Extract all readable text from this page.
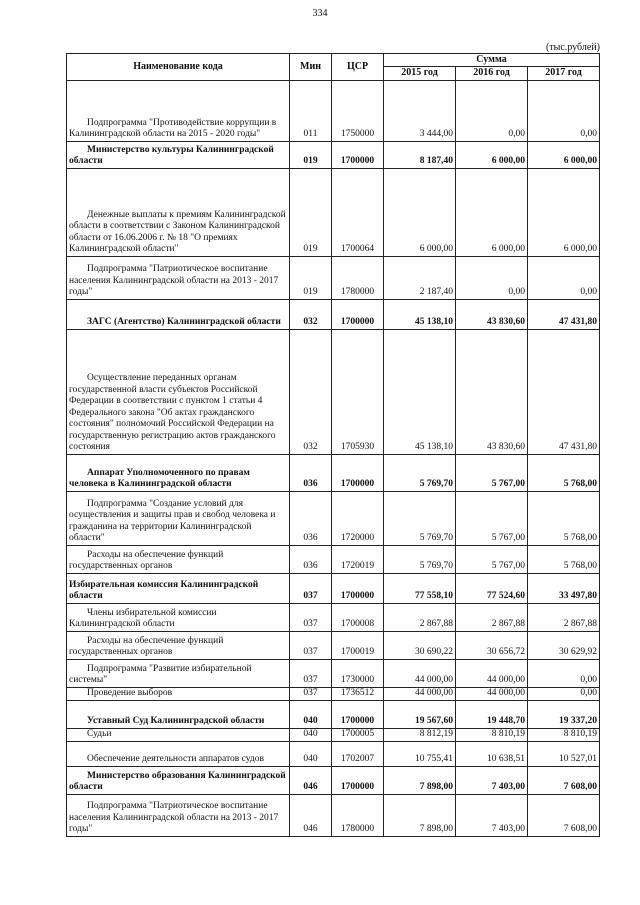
334
(тыс.рублей)
Наименование кода	Мин	ЦСР	Сумма		
			2015 год	2016 год	2017 год
Подпрограмма "Противодействие коррупции в Калининградской области на 2015 - 2020 годы"	011	1750000	3 444,00	0,00	0,00
Министерство культуры Калининградской области	019	1700000	8 187,40	6 000,00	6 000,00
Денежные выплаты к премиям Калининградской области в соответствии с Законом Калининградской области от 16.06.2006 г. № 18 "О премиях Калининградской области"	019	1700064	6 000,00	6 000,00	6 000,00
Подпрограмма "Патриотическое воспитание населения Калининградской области на 2013 - 2017 годы"	019	1780000	2 187,40	0,00	0,00
ЗАГС (Агентство) Калининградской области	032	1700000	45 138,10	43 830,60	47 431,80
Осуществление переданных органам государственной власти субъектов Российской Федерации в соответствии с пунктом 1 статьи 4 Федерального закона "Об актах гражданского состояния" полномочий Российской Федерации на государственную регистрацию актов гражданского состояния	032	1705930	45 138,10	43 830,60	47 431,80
Аппарат Уполномоченного по правам человека в Калининградской области	036	1700000	5 769,70	5 767,00	5 768,00
Подпрограмма "Создание условий для осуществления и защиты прав и свобод человека и гражданина на территории Калининградской области"	036	1720000	5 769,70	5 767,00	5 768,00
Расходы на обеспечение функций государственных органов	036	1720019	5 769,70	5 767,00	5 768,00
Избирательная комиссия Калининградской области	037	1700000	77 558,10	77 524,60	33 497,80
Члены избирательной комиссии Калининградской области	037	1700008	2 867,88	2 867,88	2 867,88
Расходы на обеспечение функций государственных органов	037	1700019	30 690,22	30 656,72	30 629,92
Подпрограмма "Развитие избирательной системы"	037	1730000	44 000,00	44 000,00	0,00
Проведение выборов	037	1736512	44 000,00	44 000,00	0,00
Уставный Суд Калининградской области	040	1700000	19 567,60	19 448,70	19 337,20
Судьи	040	1700005	8 812,19	8 810,19	8 810,19
Обеспечение деятельности аппаратов судов	040	1702007	10 755,41	10 638,51	10 527,01
Министерство образования Калининградской области	046	1700000	7 898,00	7 403,00	7 608,00
Подпрограмма "Патриотическое воспитание населения Калининградской области на 2013 - 2017 годы"	046	1780000	7 898,00	7 403,00	7 608,00
